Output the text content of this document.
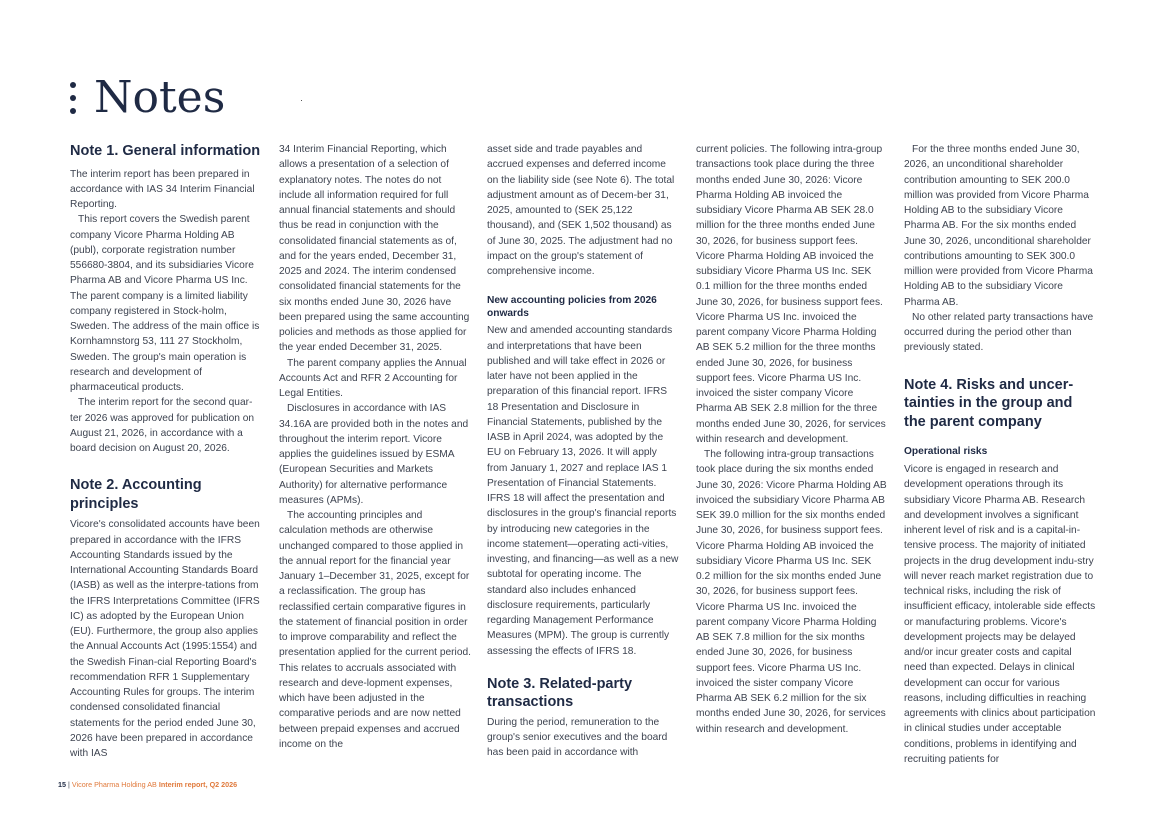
Notes
Note 1. General information

The interim report has been prepared in accordance with IAS 34 Interim Financial Reporting.

This report covers the Swedish parent company Vicore Pharma Holding AB (publ), corporate registration number 556680-3804, and its subsidiaries Vicore Pharma AB and Vicore Pharma US Inc. The parent company is a limited liability company registered in Stock-holm, Sweden. The address of the main office is Kornhamnstorg 53, 111 27 Stockholm, Sweden. The group's main operation is research and development of pharmaceutical products.

The interim report for the second quar-ter 2026 was approved for publication on August 21, 2026, in accordance with a board decision on August 20, 2026.

Note 2. Accounting principles

Vicore's consolidated accounts have been prepared in accordance with the IFRS Accounting Standards issued by the International Accounting Standards Board (IASB) as well as the interpre-tations from the IFRS Interpretations Committee (IFRS IC) as adopted by the European Union (EU). Furthermore, the group also applies the Annual Accounts Act (1995:1554) and the Swedish Finan-cial Reporting Board's recommendation RFR 1 Supplementary Accounting Rules for groups. The interim condensed consolidated financial statements for the period ended June 30, 2026 have been prepared in accordance with IAS

34 Interim Financial Reporting, which allows a presentation of a selection of explanatory notes. The notes do not include all information required for full annual financial statements and should thus be read in conjunction with the consolidated financial statements as of, and for the years ended, December 31, 2025 and 2024. The interim condensed consolidated financial statements for the six months ended June 30, 2026 have been prepared using the same accounting policies and methods as those applied for the year ended December 31, 2025.

The parent company applies the Annual Accounts Act and RFR 2 Accounting for Legal Entities.

Disclosures in accordance with IAS 34.16A are provided both in the notes and throughout the interim report. Vicore applies the guidelines issued by ESMA (European Securities and Markets Authority) for alternative performance measures (APMs).

The accounting principles and calculation methods are otherwise unchanged compared to those applied in the annual report for the financial year January 1–December 31, 2025, except for a reclassification. The group has reclassified certain comparative figures in the statement of financial position in order to improve comparability and reflect the presentation applied for the current period. This relates to accruals associated with research and deve-lopment expenses, which have been adjusted in the comparative periods and are now netted between prepaid expenses and accrued income on the

asset side and trade payables and accrued expenses and deferred income on the liability side (see Note 6). The total adjustment amount as of Decem-ber 31, 2025, amounted to (SEK 25,122 thousand), and (SEK 1,502 thousand) as of June 30, 2025. The adjustment had no impact on the group's statement of comprehensive income.

New accounting policies from 2026 onwards

New and amended accounting standards and interpretations that have been published and will take effect in 2026 or later have not been applied in the preparation of this financial report. IFRS 18 Presentation and Disclosure in Financial Statements, published by the IASB in April 2024, was adopted by the EU on February 13, 2026. It will apply from January 1, 2027 and replace IAS 1 Presentation of Financial Statements. IFRS 18 will affect the presentation and disclosures in the group's financial reports by introducing new categories in the income statement—operating acti-vities, investing, and financing—as well as a new subtotal for operating income. The standard also includes enhanced disclosure requirements, particularly regarding Management Performance Measures (MPM). The group is currently assessing the effects of IFRS 18.

Note 3. Related-party transactions

During the period, remuneration to the group's senior executives and the board has been paid in accordance with

current policies. The following intra-group transactions took place during the three months ended June 30, 2026: Vicore Pharma Holding AB invoiced the subsidiary Vicore Pharma AB SEK 28.0 million for the three months ended June 30, 2026, for business support fees. Vicore Pharma Holding AB invoiced the subsidiary Vicore Pharma US Inc. SEK 0.1 million for the three months ended June 30, 2026, for business support fees. Vicore Pharma US Inc. invoiced the parent company Vicore Pharma Holding AB SEK 5.2 million for the three months ended June 30, 2026, for business support fees. Vicore Pharma US Inc. invoiced the sister company Vicore Pharma AB SEK 2.8 million for the three months ended June 30, 2026, for services within research and development.

The following intra-group transactions took place during the six months ended June 30, 2026: Vicore Pharma Holding AB invoiced the subsidiary Vicore Pharma AB SEK 39.0 million for the six months ended June 30, 2026, for business support fees. Vicore Pharma Holding AB invoiced the subsidiary Vicore Pharma US Inc. SEK 0.2 million for the six months ended June 30, 2026, for business support fees. Vicore Pharma US Inc. invoiced the parent company Vicore Pharma Holding AB SEK 7.8 million for the six months ended June 30, 2026, for business support fees. Vicore Pharma US Inc. invoiced the sister company Vicore Pharma AB SEK 6.2 million for the six months ended June 30, 2026, for services within research and development.

For the three months ended June 30, 2026, an unconditional shareholder contribution amounting to SEK 200.0 million was provided from Vicore Pharma Holding AB to the subsidiary Vicore Pharma AB. For the six months ended June 30, 2026, unconditional shareholder contributions amounting to SEK 300.0 million were provided from Vicore Pharma Holding AB to the subsidiary Vicore Pharma AB.

No other related party transactions have occurred during the period other than previously stated.

Note 4. Risks and uncer-tainties in the group and the parent company
Operational risks

Vicore is engaged in research and development operations through its subsidiary Vicore Pharma AB. Research and development involves a significant inherent level of risk and is a capital-in-tensive process. The majority of initiated projects in the drug development indu-stry will never reach market registration due to technical risks, including the risk of insufficient efficacy, intolerable side effects or manufacturing problems. Vicore's development projects may be delayed and/or incur greater costs and capital need than expected. Delays in clinical development can occur for various reasons, including difficulties in reaching agreements with clinics about participation in clinical studies under acceptable conditions, problems in identifying and recruiting patients for

15 | Vicore Pharma Holding AB Interim report, Q2 2026
